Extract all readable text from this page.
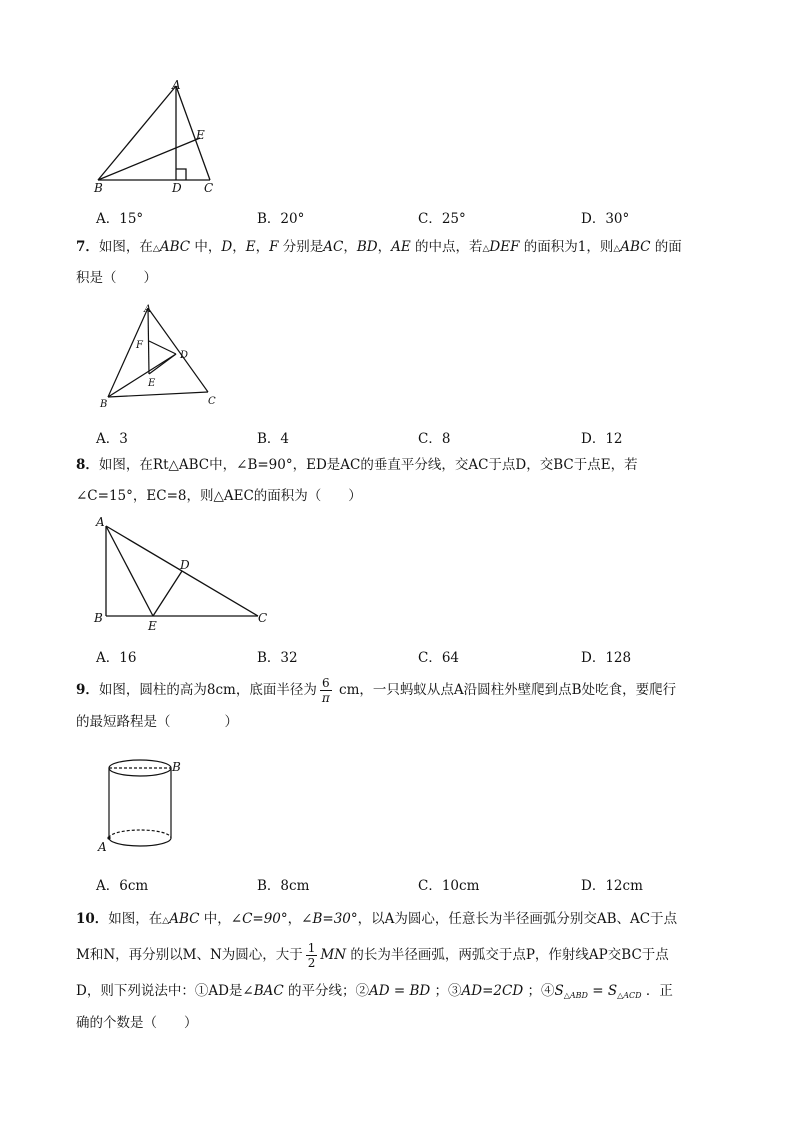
A
E
B	D C
A．15°	B．20°	C．25°	D．30°
7．如图，在△ABC 中，D，E，F 分别是AC，BD，AE 的中点，若△DEF 的面积为1，则△ABC 的面
积是（　　）
A
F
D
E
B	C
A．3	B．4	C．8	D．12
8．如图，在Rt△ABC中，∠B=90°，ED是AC的垂直平分线，交AC于点D，交BC于点E，若
∠C=15°，EC=8，则△AEC的面积为（　　）
A
D
B
E
C
A．16	B．32	C．64	D．128
9．如图，圆柱的高为8cm，底面半径为 $\frac{6}{\pi}$ cm，一只蚂蚁从点A沿圆柱外壁爬到点B处吃食，要爬行
的最短路程是（　　　　）
B
A
A．6cm	B．8cm	C．10cm	D．12cm
10．如图，在△ABC 中，∠C=90°，∠B=30°，以A为圆心，任意长为半径画弧分别交AB、AC于点
M和N，再分别以M、N为圆心，大于 $\frac{1}{2}$ MN 的长为半径画弧，两弧交于点P，作射线AP交BC于点
D，则下列说法中：①AD是∠BAC 的平分线；②AD = BD ；③AD=2CD ；$④S_{\triangle ABD} = S_{\triangle ACD}$ ．正
确的个数是（　　）
